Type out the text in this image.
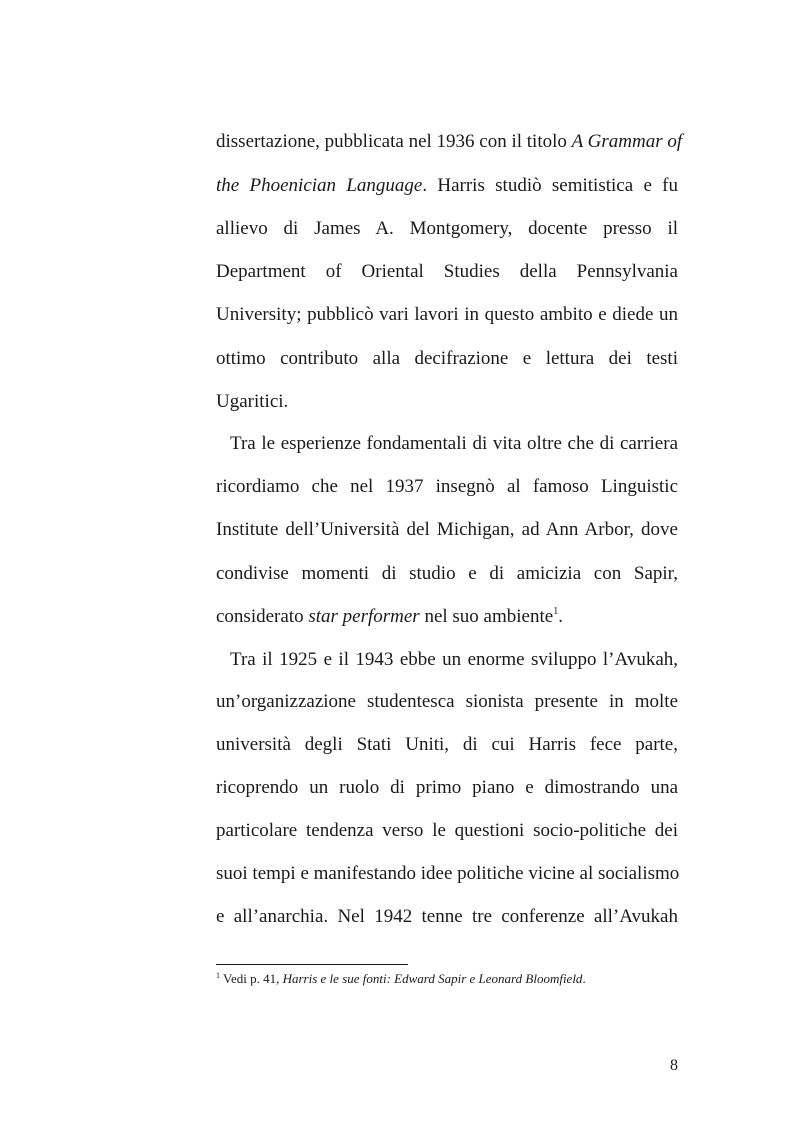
dissertazione, pubblicata nel 1936 con il titolo A Grammar of
the Phoenician Language. Harris studiò semitistica e fu
allievo di James A. Montgomery, docente presso il
Department of Oriental Studies della Pennsylvania
University; pubblicò vari lavori in questo ambito e diede un
ottimo contributo alla decifrazione e lettura dei testi
Ugaritici.
Tra le esperienze fondamentali di vita oltre che di carriera
ricordiamo che nel 1937 insegnò al famoso Linguistic
Institute dell’Università del Michigan, ad Ann Arbor, dove
condivise momenti di studio e di amicizia con Sapir,
considerato star performer nel suo ambiente$^1$.
Tra il 1925 e il 1943 ebbe un enorme sviluppo l’Avukah,
un’organizzazione studentesca sionista presente in molte
università degli Stati Uniti, di cui Harris fece parte,
ricoprendo un ruolo di primo piano e dimostrando una
particolare tendenza verso le questioni socio-politiche dei
suoi tempi e manifestando idee politiche vicine al socialismo
e all’anarchia. Nel 1942 tenne tre conferenze all’Avukah
$^1$ Vedi p. 41, Harris e le sue fonti: Edward Sapir e Leonard Bloomfield.
8
